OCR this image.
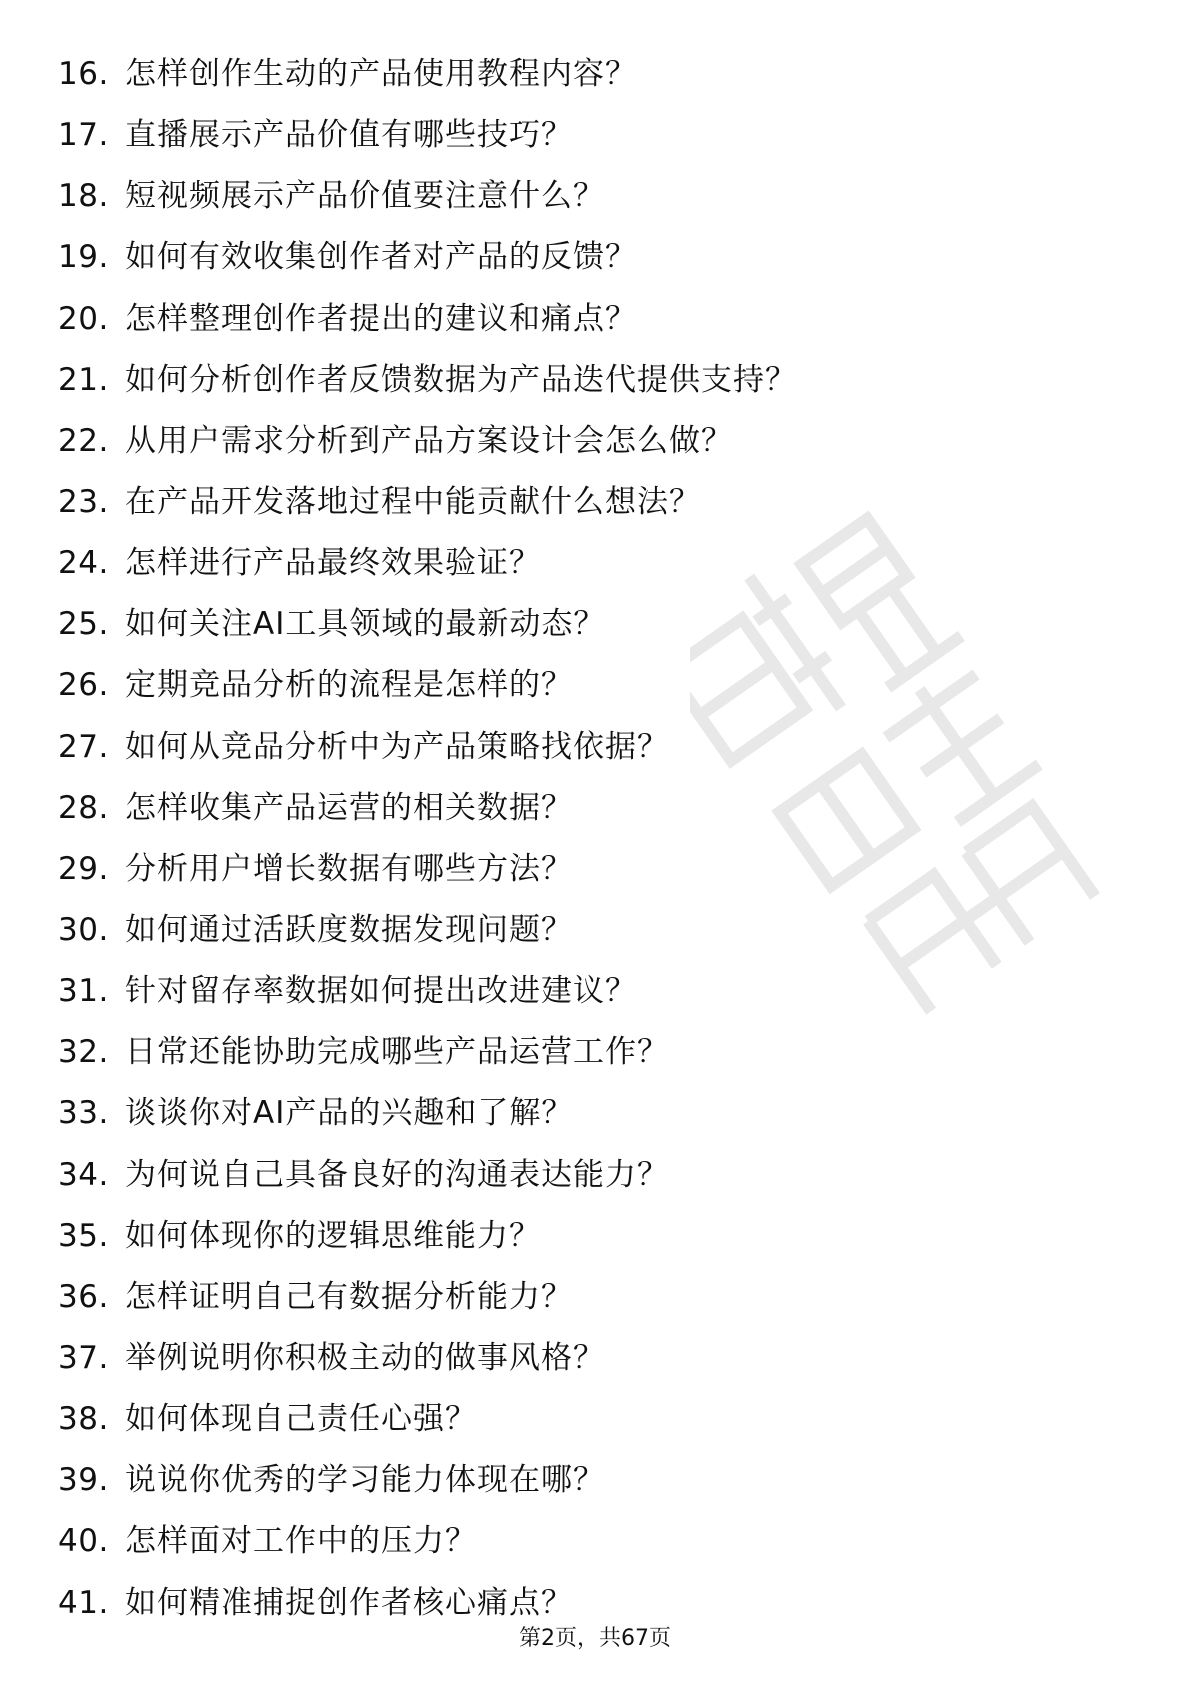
16. 怎样创作生动的产品使用教程内容？
17. 直播展示产品价值有哪些技巧？
18. 短视频展示产品价值要注意什么？
19. 如何有效收集创作者对产品的反馈？
20. 怎样整理创作者提出的建议和痛点？
21. 如何分析创作者反馈数据为产品迭代提供支持？
22. 从用户需求分析到产品方案设计会怎么做？
23. 在产品开发落地过程中能贡献什么想法？
24. 怎样进行产品最终效果验证？
25. 如何关注AI工具领域的最新动态？
26. 定期竞品分析的流程是怎样的？
27. 如何从竞品分析中为产品策略找依据？
28. 怎样收集产品运营的相关数据？
29. 分析用户增长数据有哪些方法？
30. 如何通过活跃度数据发现问题？
31. 针对留存率数据如何提出改进建议？
32. 日常还能协助完成哪些产品运营工作？
33. 谈谈你对AI产品的兴趣和了解？
34. 为何说自己具备良好的沟通表达能力？
35. 如何体现你的逻辑思维能力？
36. 怎样证明自己有数据分析能力？
37. 举例说明你积极主动的做事风格？
38. 如何体现自己责任心强？
39. 说说你优秀的学习能力体现在哪？
40. 怎样面对工作中的压力？
41. 如何精准捕捉创作者核心痛点？
第2页，共67页
